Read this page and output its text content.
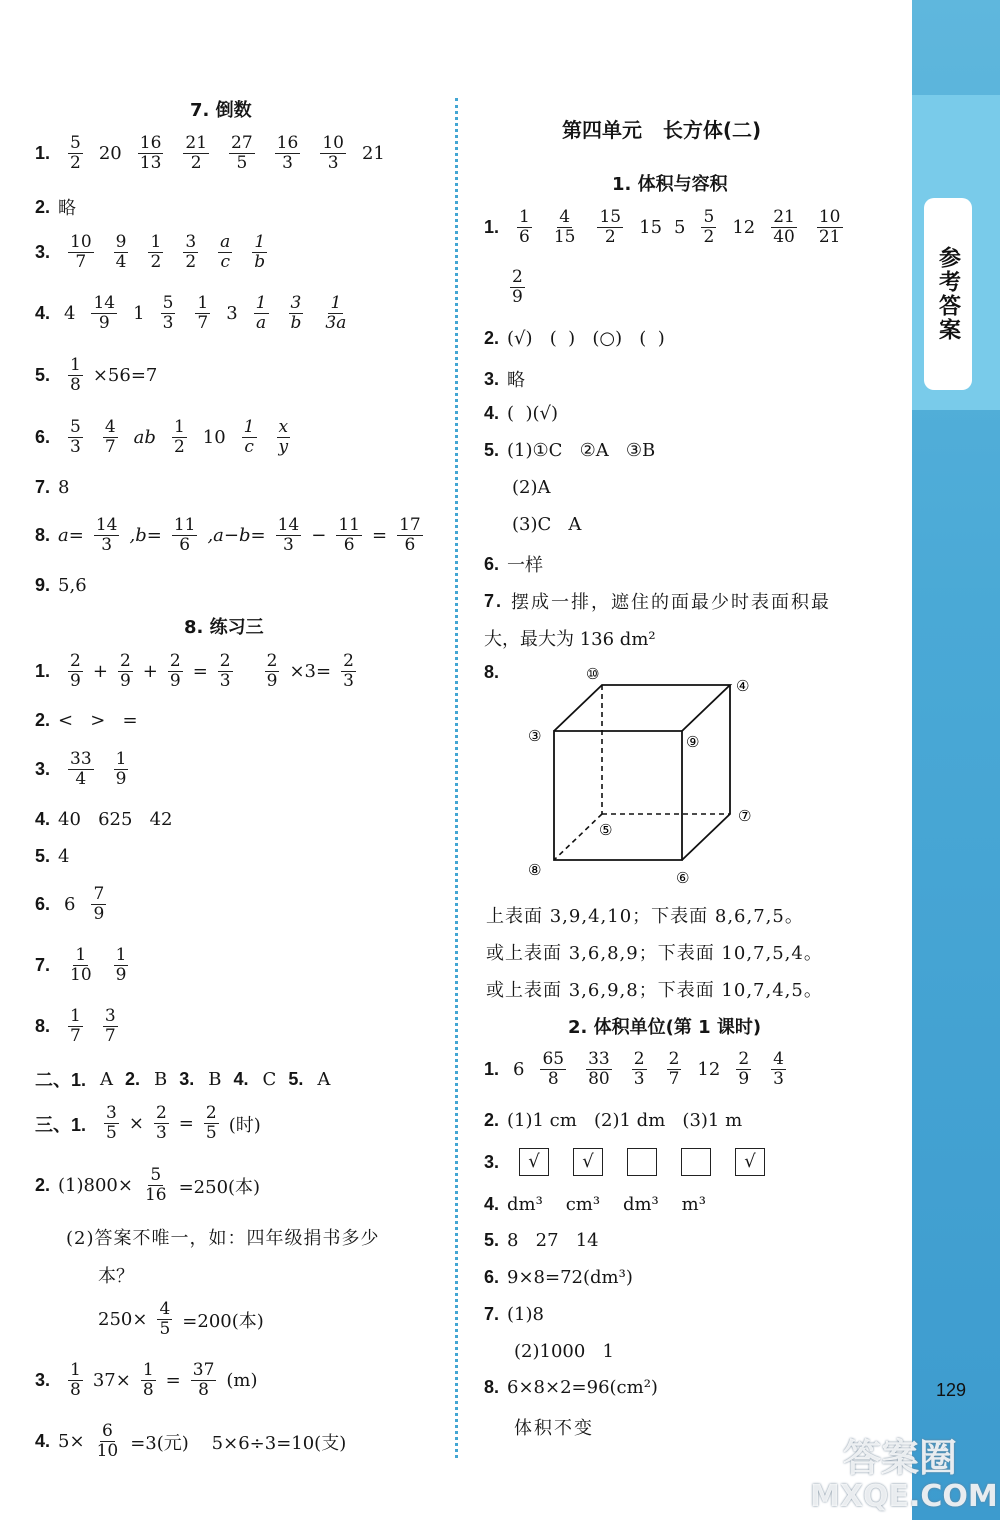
参考答案
129
答案圈
MXQE.COM
7. 倒数
1. $\frac{5}{2} 20 \frac{16}{13} \frac{21}{2} \frac{27}{5} \frac{16}{3} \frac{10}{3} 21$
2. 略
3. $\frac{10}{7} \frac{9}{4} \frac{1}{2} \frac{3}{2} \frac{a}{c} \frac{1}{b}$
4. $4 \frac{14}{9} 1 \frac{5}{3} \frac{1}{7} 3 \frac{1}{a} \frac{3}{b} \frac{1}{3a}$
5. $\frac{1}{8} \times 56=7$
6. $\frac{5}{3} \frac{4}{7}$ ab $\frac{1}{2} 10 \frac{1}{c} \frac{x}{y}$
7. 8
8. $a= \frac{14}{3} ,b= \frac{11}{6} ,a-b= \frac{14}{3} - \frac{11}{6} = \frac{17}{6}$
9. 5,6
8. 练习三
1. $\frac{2}{9} + \frac{2}{9} + \frac{2}{9} = \frac{2}{3} \frac{2}{9} \times 3= \frac{2}{3}$
2. <   >   =
3. $\frac{33}{4} \frac{1}{9}$
4. 40   625   42
5. 4
6. $6 \frac{7}{9}$
7. $\frac{1}{10} \frac{1}{9}$
8. $\frac{1}{7} \frac{3}{7}$
二、1. A 2. B 3. B 4. C 5. A
三、1. $\frac{3}{5} \times \frac{2}{3} = \frac{2}{5}$ (时)
2. $(1)800\times \frac{5}{16} =250$(本)
(2)答案不唯一，如：四年级捐书多少
本？
$250\times \frac{4}{5} =200$(本)
3. $\frac{1}{8} 37\times \frac{1}{8} = \frac{37}{8} (m)$
4. $5\times \frac{6}{10} =3$(元)    5×6÷3=10(支)
第四单元   长方体(二)
1. 体积与容积
1. $\frac{1}{6} \frac{4}{15} \frac{15}{2} 15$ $5 \frac{5}{2} 12 \frac{21}{40} \frac{10}{21}$
$\frac{2}{9}$
2. (√)   (  )   (○)   (  )
3. 略
4. (  )(√)
5. (1)①C   ②A   ③B
(2)A
(3)C   A
6. 一样
7. 摆成一排，遮住的面最少时表面积最
大，最大为 136 dm²
8.	⑩
④
③	⑨
⑤
⑦
⑧	⑥
上表面 3,9,4,10；下表面 8,6,7,5。
或上表面 3,6,8,9；下表面 10,7,5,4。
或上表面 3,6,9,8；下表面 10,7,4,5。
2. 体积单位(第 1 课时)
1. $6 \frac{65}{8} \frac{33}{80} \frac{2}{3} \frac{2}{7} 12 \frac{2}{9} \frac{4}{3}$
2. (1)1 cm   (2)1 dm   (3)1 m
3.	√	√	√
4. dm³    cm³    dm³    m³
5. 8   27   14
6. 9×8=72(dm³)
7. (1)8
(2)1000   1
8. 6×8×2=96(cm²)
体积不变
